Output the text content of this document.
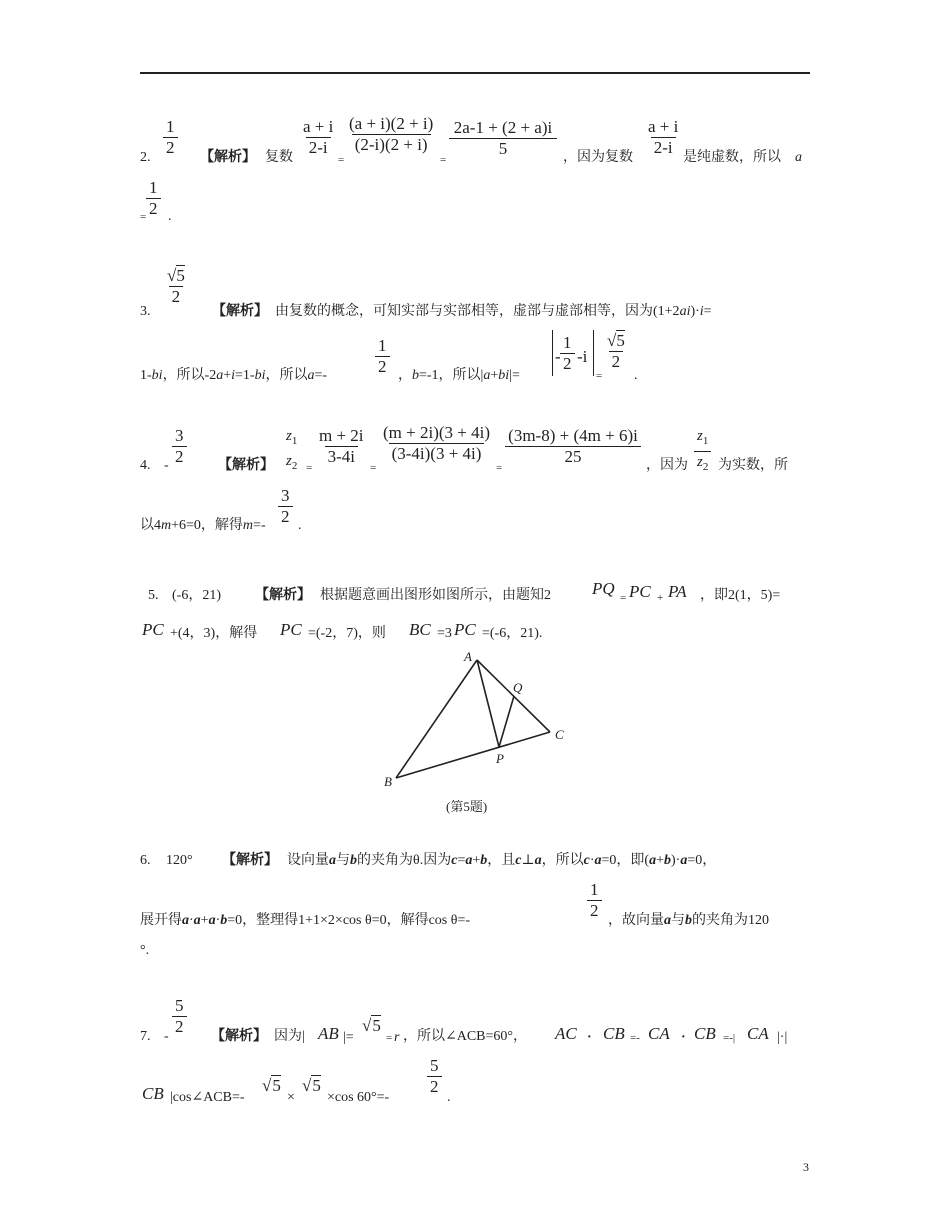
2. $\frac{1}{2}$ 【解析】 复数 $\frac{a + i}{2-i}$
=
$\frac{(a + i)(2 + i)}{(2-i)(2 + i)}$
=
$\frac{2a-1 + (2 + a)i}{5}$ ，因为复数 $\frac{a + i}{2-i}$ 是纯虚数，所以 a
= $\frac{1}{2}$ .
3.
$\frac{√5}{2}$
【解析】 由复数的概念，可知实部与实部相等，虚部与虚部相等，因为(1+2ai)·i=
1-bi，所以-2a+i=1-bi，所以a=-	$\frac{1}{2}$ ，b=-1，所以|a+bi|=
- $\frac{1}{2} -i$
=
$\frac{√5}{2}$
.
4. - $\frac{3}{2}$ 【解析】
$z_1$
$z_2$ =
$\frac{m + 2i}{3-4i}$
=
$\frac{(m + 2i)(3 + 4i)}{(3-4i)(3 + 4i)}$
=
$\frac{(3m-8) + (4m + 6)i}{25}$ ，因为 $\frac{z_1}{z_2}$ 为实数，所
以4m+6=0，解得$m=- \frac{3}{2}$ .
5. (-6，21) 【解析】 根据题意画出图形如图所示，由题知2 PQ = PC + PA ，即2(1，5)=
PC +(4，3)，解得 PC =(-2，7)，则 BC =3 PC =(-6，21).
A
B
C
P
Q
(第5题)
6. 120° 【解析】 设向量a与b的夹角为θ.因为c=a+b，且c⊥a，所以c·a=0，即(a+b)·a=0，
展开得a·a+a·b=0，整理得1+1×2×cos θ=0，解得cos θ=-	$\frac{1}{2}$ ，故向量a与b的夹角为120
°.
7. - $\frac{5}{2}$ 【解析】 因为| AB |=
√5
= r ，所以∠ACB=60°， AC · CB =- CA · CB =-| CA |·|
CB |cos∠ACB=-
√5
×
√5
×cos 60°=-
$\frac{5}{2}$
.
3
